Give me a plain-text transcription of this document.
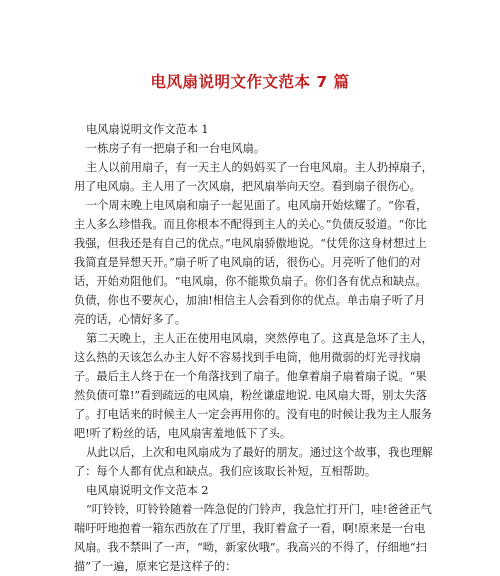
电风扇说明文作文范本 7 篇

电风扇说明文作文范本 1

一栋房子有一把扇子和一台电风扇。

主人以前用扇子，有一天主人的妈妈买了一台电风扇。主人扔掉扇子，用了电风扇。主人用了一次风扇，把风扇举向天空。看到扇子很伤心。

一个周末晚上电风扇和扇子一起见面了。电风扇开始炫耀了。“你看，主人多么珍惜我。而且你根本不配得到主人的关心。”负债反驳道。“你比我强，但我还是有自己的优点。”电风扇骄傲地说。“仗凭你这身材想过上我简直是异想天开。”扇子听了电风扇的话，很伤心。月亮听了他们的对话，开始劝阻他们。“电风扇，你不能欺负扇子。你们各有优点和缺点。负债，你也不要灰心，加油!相信主人会看到你的优点。单击扇子听了月亮的话，心情好多了。

第二天晚上，主人正在使用电风扇，突然停电了。这真是急坏了主人，这么热的天该怎么办主人好不容易找到手电筒，他用微弱的灯光寻找扇子。最后主人终于在一个角落找到了扇子。他拿着扇子扇着扇子说。“果然负债可靠!”看到疏远的电风扇，粉丝谦虚地说. 电风扇大哥，别太失落了。打电话来的时候主人一定会再用你的。没有电的时候让我为主人服务吧!听了粉丝的话，电风扇害羞地低下了头。

从此以后，上次和电风扇成为了最好的朋友。通过这个故事，我也理解了：每个人都有优点和缺点。我们应该取长补短，互相帮助。

电风扇说明文作文范本 2

“叮铃铃，叮铃铃随着一阵急促的门铃声，我急忙打开门，哇!爸爸正气喘吁吁地抱着一箱东西放在了厅里，我盯着盒子一看，啊!原来是一台电风扇。我不禁叫了一声，“呦，新家伙哦”。我高兴的不得了，仔细地“扫描”了一遍，原来它是这样子的：
